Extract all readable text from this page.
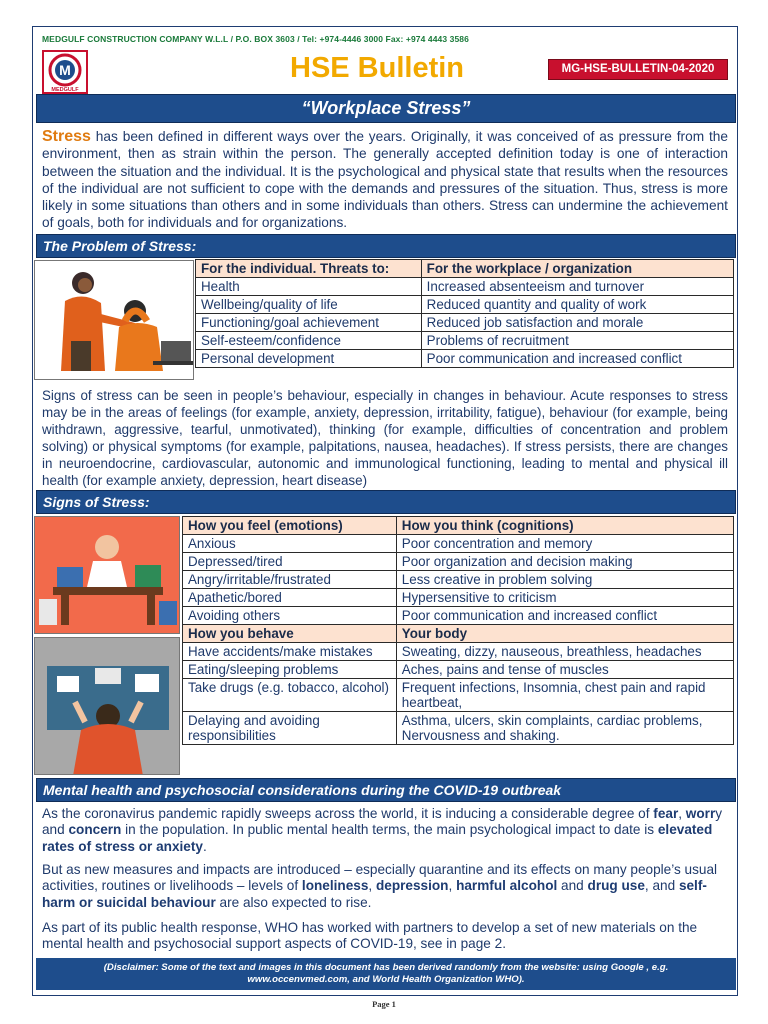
MEDGULF CONSTRUCTION COMPANY W.L.L / P.O. BOX 3603 / Tel: +974-4446 3000 Fax: +974 4443 3586
M
MEDGULF
HSE Bulletin	MG-HSE-BULLETIN-04-2020
“Workplace Stress”
Stress has been defined in different ways over the years. Originally, it was conceived of as pressure from the environment, then as strain within the person. The generally accepted definition today is one of interaction between the situation and the individual. It is the psychological and physical state that results when the resources of the individual are not sufficient to cope with the demands and pressures of the situation. Thus, stress is more likely in some situations than others and in some individuals than others. Stress can undermine the achievement of goals, both for individuals and for organizations.
The Problem of Stress:
For the individual. Threats to:	For the workplace / organization
Health	Increased absenteeism and turnover
Wellbeing/quality of life	Reduced quantity and quality of work
Functioning/goal achievement	Reduced job satisfaction and morale
Self-esteem/confidence	Problems of recruitment
Personal development	Poor communication and increased conflict
Signs of stress can be seen in people’s behaviour, especially in changes in behaviour. Acute responses to stress may be in the areas of feelings (for example, anxiety, depression, irritability, fatigue), behaviour (for example, being withdrawn, aggressive, tearful, unmotivated), thinking (for example, difficulties of concentration and problem solving) or physical symptoms (for example, palpitations, nausea, headaches). If stress persists, there are changes in neuroendocrine, cardiovascular, autonomic and immunological functioning, leading to mental and physical ill health (for example anxiety, depression, heart disease)
Signs of Stress:
How you feel (emotions)	How you think (cognitions)
Anxious	Poor concentration and memory
Depressed/tired	Poor organization and decision making
Angry/irritable/frustrated	Less creative in problem solving
Apathetic/bored	Hypersensitive to criticism
Avoiding others	Poor communication and increased conflict
How you behave	Your body
Have accidents/make mistakes	Sweating, dizzy, nauseous, breathless, headaches
Eating/sleeping problems	Aches, pains and tense of muscles
Take drugs (e.g. tobacco, alcohol)	Frequent infections, Insomnia, chest pain and rapid heartbeat,
Delaying and avoiding responsibilities	Asthma, ulcers, skin complaints, cardiac problems, Nervousness and shaking.
Mental health and psychosocial considerations during the COVID-19 outbreak
As the coronavirus pandemic rapidly sweeps across the world, it is inducing a considerable degree of fear, worry and concern in the population. In public mental health terms, the main psychological impact to date is elevated rates of stress or anxiety.
But as new measures and impacts are introduced – especially quarantine and its effects on many people’s usual activities, routines or livelihoods – levels of loneliness, depression, harmful alcohol and drug use, and self-harm or suicidal behaviour are also expected to rise.
As part of its public health response, WHO has worked with partners to develop a set of new materials on the mental health and psychosocial support aspects of COVID-19, see in page 2.
(Disclaimer: Some of the text and images in this document has been derived randomly from the website: using Google , e.g.
www.occenvmed.com, and World Health Organization WHO).
Page 1
